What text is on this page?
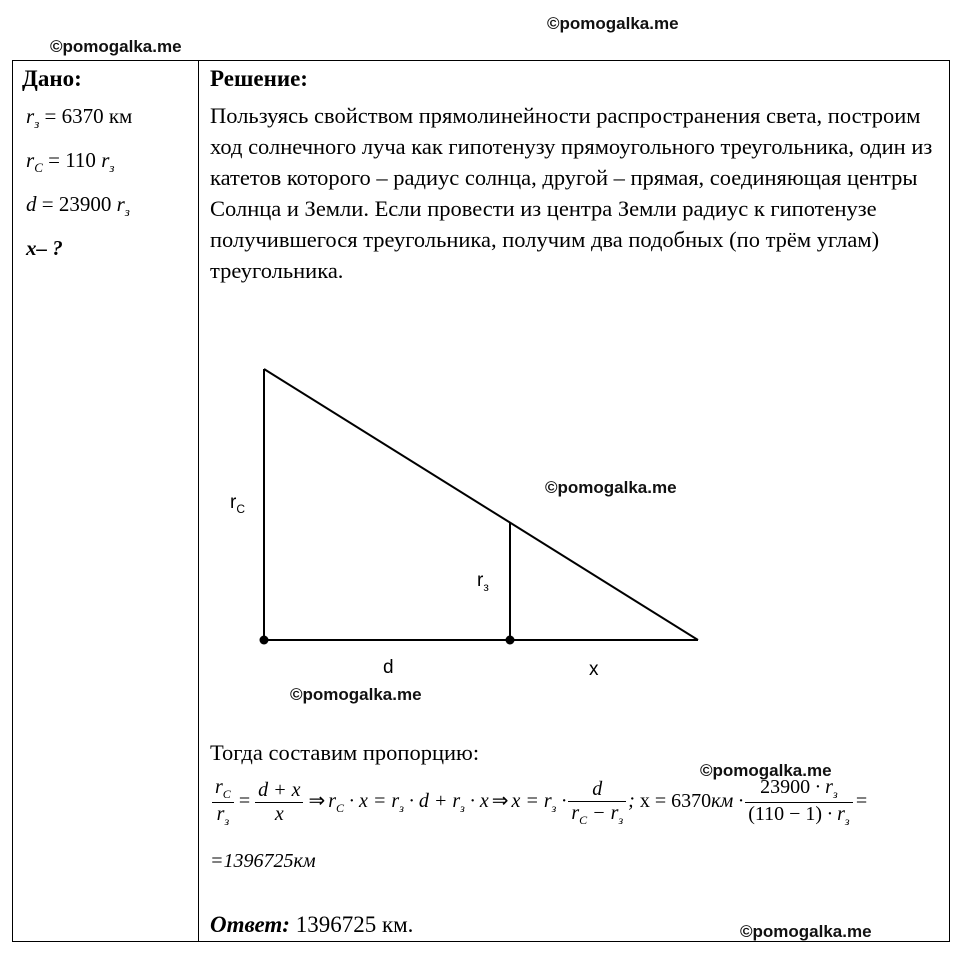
©pomogalka.me
©pomogalka.me
©pomogalka.me
©pomogalka.me
©pomogalka.me
©pomogalka.me
Дано:
$r_з = 6370$ км
$r_C = 110$ $r_з$
d = 23900 $r_з$
x– ?
Решение:
Пользуясь свойством прямолинейности распространения света, построим ход солнечного луча как гипотенузу прямоугольного треугольника, один из катетов которого – радиус солнца, другой – прямая, соединяющая центры Солнца и Земли. Если провести из центра Земли радиус к гипотенузе получившегося треугольника, получим два подобных (по трём углам) треугольника.
$r_C$
$r_з$
d	x
Тогда составим пропорцию:
$\frac{r_C}{r_з} = \frac{d + x}{x}$ ⇒ $r_C \cdot x = r_з \cdot d + r_з \cdot x$ ⇒ $x = r_з \cdot \frac{d}{r_C - r_з}$ ; $x = 6370км \cdot \frac{23900 \cdot r_з}{(110 - 1) \cdot r_з}$ =
=1396725км
Ответ: 1396725 км.
